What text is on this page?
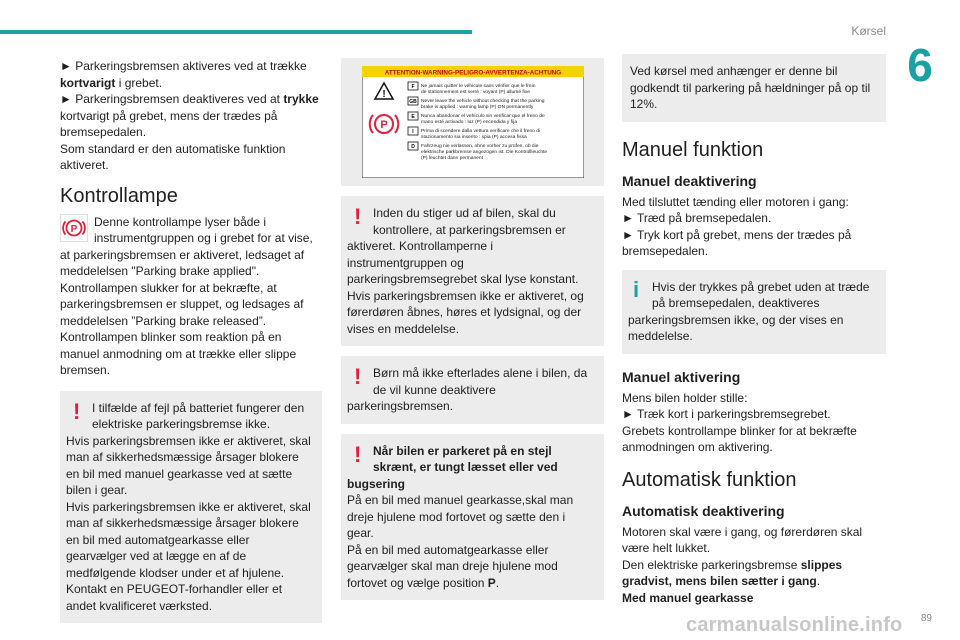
Kørsel
6

► Parkeringsbremsen aktiveres ved at trække kortvarigt i grebet.

► Parkeringsbremsen deaktiveres ved at trykke kortvarigt på grebet, mens der trædes på bremsepedalen.

Som standard er den automatiske funktion aktiveret.

Kontrollampe
P

Denne kontrollampe lyser både i instrumentgruppen og i grebet for at vise,

at parkeringsbremsen er aktiveret, ledsaget af meddelelsen "Parking brake applied". Kontrollampen slukker for at bekræfte, at parkeringsbremsen er sluppet, og ledsages af meddelelsen ”Parking brake released”. Kontrollampen blinker som reaktion på en manuel anmodning om at trække eller slippe bremsen.

! I tilfælde af fejl på batteriet fungerer den elektriske parkeringsbremse ikke.

Hvis parkeringsbremsen ikke er aktiveret, skal man af sikkerhedsmæssige årsager blokere en bil med manuel gearkasse ved at sætte bilen i gear.

Hvis parkeringsbremsen ikke er aktiveret, skal man af sikkerhedsmæssige årsager blokere en bil med automatgearkasse eller gearvælger ved at lægge en af de medfølgende klodser under et af hjulene.

Kontakt en PEUGEOT-forhandler eller et andet kvalificeret værksted.

ATTENTION-WARNING-PELIGRO-AVVERTENZA-ACHTUNG
!
P
F Ne jamais quitter le véhicule sans vérifier que le frein
de stationnement est serré : voyant (P) allumé fixe
GB Never leave the vehicle without checking that the parking
brake is applied : warning lamp (P) ON permanently
E Nunca abandonar el vehículo sin verificar que el freno de
mano esté activado : luz (P) encendida y fija
I Prima di scendere dalla vettura verificare che il freno di
stazionamento sia inserito : spia (P) accesa fissa
D Fahrzeug nie verlassen, ohne vorher zu prüfen, ob die
elektrische parkbremse angezogen ist. Die Kontrollleuchte
(P) leuchtet dann permanent
! Inden du stiger ud af bilen, skal du kontrollere, at parkeringsbremsen er

aktiveret. Kontrollamperne i instrumentgruppen og parkeringsbremsegrebet skal lyse konstant. Hvis parkeringsbremsen ikke er aktiveret, og førerdøren åbnes, høres et lydsignal, og der vises en meddelelse.

! Børn må ikke efterlades alene i bilen, da de vil kunne deaktivere

parkeringsbremsen.

! Når bilen er parkeret på en stejl skrænt, er tungt læsset eller ved

bugsering

På en bil med manuel gearkasse,skal man dreje hjulene mod fortovet og sætte den i gear.

På en bil med automatgearkasse eller gearvælger skal man dreje hjulene mod fortovet og vælge position P.

Ved kørsel med anhænger er denne bil godkendt til parkering på hældninger på op til 12%.

Manuel funktion
Manuel deaktivering

Med tilsluttet tænding eller motoren i gang:

► Træd på bremsepedalen.

► Tryk kort på grebet, mens der trædes på bremsepedalen.

i Hvis der trykkes på grebet uden at træde på bremsepedalen, deaktiveres

parkeringsbremsen ikke, og der vises en meddelelse.

Manuel aktivering

Mens bilen holder stille:

► Træk kort i parkeringsbremsegrebet.

Grebets kontrollampe blinker for at bekræfte anmodningen om aktivering.

Automatisk funktion
Automatisk deaktivering

Motoren skal være i gang, og førerdøren skal være helt lukket.

Den elektriske parkeringsbremse slippes gradvist, mens bilen sætter i gang.

Med manuel gearkasse

89
carmanualsonline.info
